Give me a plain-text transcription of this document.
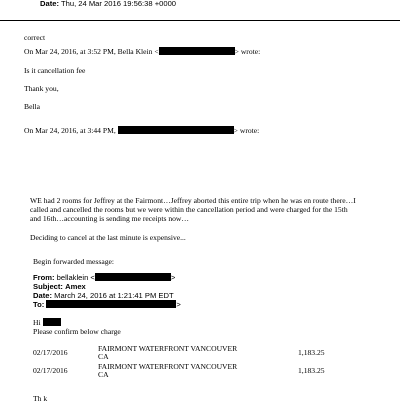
Date: Thu, 24 Mar 2016 19:56:38 +0000
correct
On Mar 24, 2016, at 3:52 PM, Bella Klein <	> wrote:
Is it cancellation fee
Thank you,
Bella
On Mar 24, 2016, at 3:44 PM,	> wrote:
WE had 2 rooms for Jeffrey at the Fairmont…Jeffrey aborted this entire trip when he was en route there…I
called and cancelled the rooms but we were within the cancellation period and were charged for the 15th
and 16th…accounting is sending me receipts now…
Deciding to cancel at the last minute is expensive...
Begin forwarded message:
From: bellaklein <	>
Subject: Amex
Date: March 24, 2016 at 1:21:41 PM EDT
To:	>
Hi
Please confirm below charge
02/17/2016	FAIRMONT WATERFRONT VANCOUVER
CA	1,183.25
02/17/2016	FAIRMONT WATERFRONT VANCOUVER
CA	1,183.25
Th k
